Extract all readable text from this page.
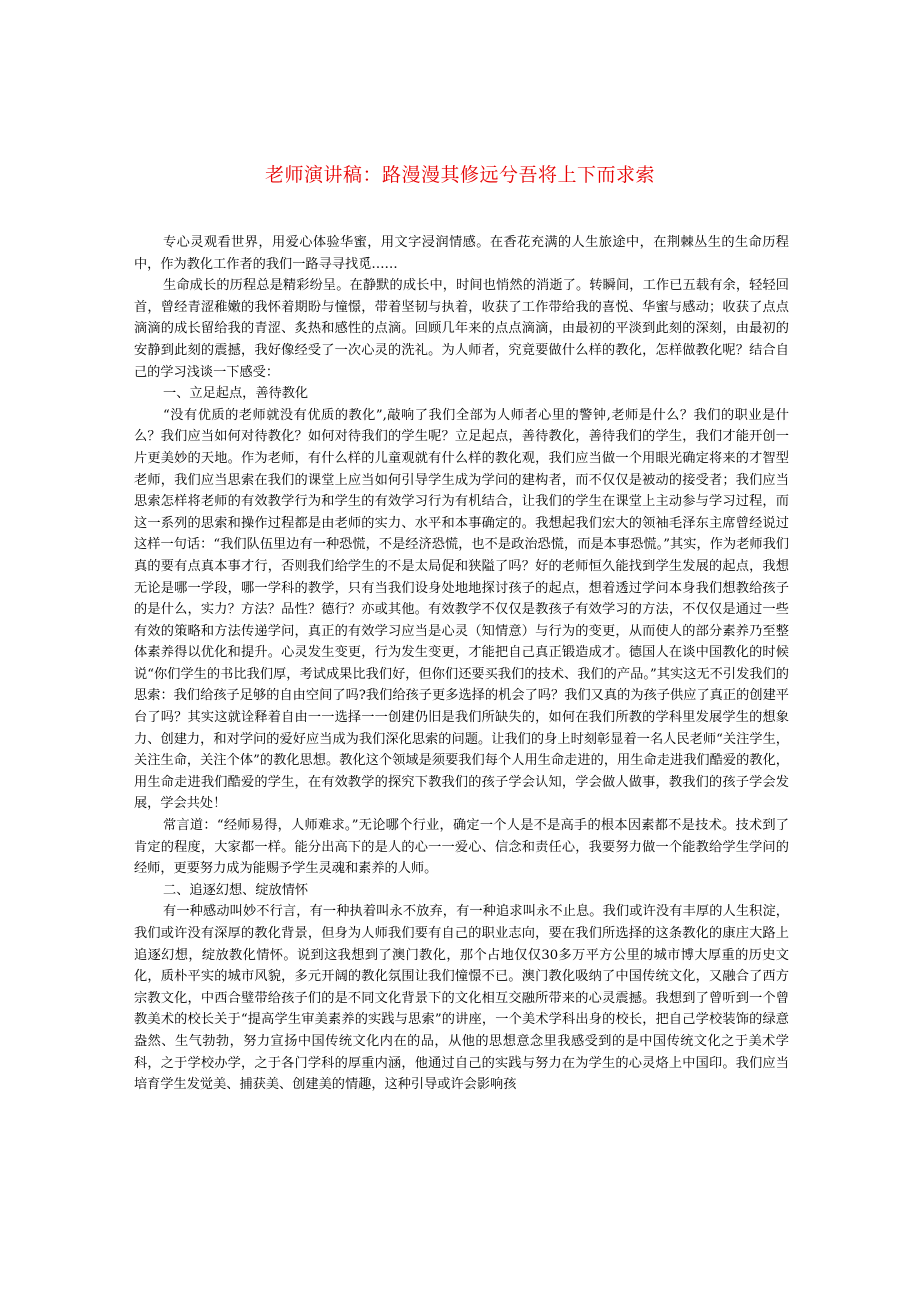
老师演讲稿：路漫漫其修远兮吾将上下而求索

专心灵观看世界，用爱心体验华蜜，用文字浸润情感。在香花充满的人生旅途中，在荆棘丛生的生命历程中，作为教化工作者的我们一路寻寻找觅……

生命成长的历程总是精彩纷呈。在静默的成长中，时间也悄然的消逝了。转瞬间，工作已五载有余，轻轻回首，曾经青涩稚嫩的我怀着期盼与憧憬，带着坚韧与执着，收获了工作带给我的喜悦、华蜜与感动；收获了点点滴滴的成长留给我的青涩、炙热和感性的点滴。回顾几年来的点点滴滴，由最初的平淡到此刻的深刻，由最初的安静到此刻的震撼，我好像经受了一次心灵的洗礼。为人师者，究竟要做什么样的教化，怎样做教化呢？结合自己的学习浅谈一下感受：

一、立足起点，善待教化

“没有优质的老师就没有优质的教化”,敲响了我们全部为人师者心里的警钟,老师是什么？我们的职业是什么？我们应当如何对待教化？如何对待我们的学生呢？立足起点，善待教化，善待我们的学生，我们才能开创一片更美妙的天地。作为老师，有什么样的儿童观就有什么样的教化观，我们应当做一个用眼光确定将来的才智型老师，我们应当思索在我们的课堂上应当如何引导学生成为学问的建构者，而不仅仅是被动的接受者；我们应当思索怎样将老师的有效教学行为和学生的有效学习行为有机结合，让我们的学生在课堂上主动参与学习过程，而这一系列的思索和操作过程都是由老师的实力、水平和本事确定的。我想起我们宏大的领袖毛泽东主席曾经说过这样一句话：“我们队伍里边有一种恐慌，不是经济恐慌，也不是政治恐慌，而是本事恐慌。”其实，作为老师我们真的要有点真本事才行，否则我们给学生的不是太局促和狭隘了吗？好的老师恒久能找到学生发展的起点，我想无论是哪一学段，哪一学科的教学，只有当我们设身处地地探讨孩子的起点，想着透过学问本身我们想教给孩子的是什么，实力？方法？品性？德行？亦或其他。有效教学不仅仅是教孩子有效学习的方法，不仅仅是通过一些有效的策略和方法传递学问，真正的有效学习应当是心灵（知情意）与行为的变更，从而使人的部分素养乃至整体素养得以优化和提升。心灵发生变更，行为发生变更，才能把自己真正锻造成才。德国人在谈中国教化的时候说“你们学生的书比我们厚，考试成果比我们好，但你们还要买我们的技术、我们的产品。”其实这无不引发我们的思索：我们给孩子足够的自由空间了吗?我们给孩子更多选择的机会了吗？我们又真的为孩子供应了真正的创建平台了吗？其实这就诠释着自由一一选择一一创建仍旧是我们所缺失的，如何在我们所教的学科里发展学生的想象力、创建力，和对学问的爱好应当成为我们深化思索的问题。让我们的身上时刻彰显着一名人民老师“关注学生，关注生命，关注个体”的教化思想。教化这个领域是须要我们每个人用生命走进的，用生命走进我们酷爱的教化，用生命走进我们酷爱的学生，在有效教学的探究下教我们的孩子学会认知，学会做人做事，教我们的孩子学会发展，学会共处！

常言道：“经师易得，人师难求。”无论哪个行业，确定一个人是不是高手的根本因素都不是技术。技术到了肯定的程度，大家都一样。能分出高下的是人的心一一爱心、信念和责任心，我要努力做一个能教给学生学问的经师，更要努力成为能赐予学生灵魂和素养的人师。

二、追逐幻想、绽放情怀

有一种感动叫妙不行言，有一种执着叫永不放弃，有一种追求叫永不止息。我们或许没有丰厚的人生积淀，我们或许没有深厚的教化背景，但身为人师我们要有自己的职业志向，要在我们所选择的这条教化的康庄大路上追逐幻想，绽放教化情怀。说到这我想到了澳门教化，那个占地仅仅30多万平方公里的城市博大厚重的历史文化，质朴平实的城市风貌，多元开阔的教化氛围让我们憧憬不已。澳门教化吸纳了中国传统文化，又融合了西方宗教文化，中西合璧带给孩子们的是不同文化背景下的文化相互交融所带来的心灵震撼。我想到了曾听到一个曾教美术的校长关于“提高学生审美素养的实践与思索”的讲座，一个美术学科出身的校长，把自己学校装饰的绿意盎然、生气勃勃，努力宣扬中国传统文化内在的品，从他的思想意念里我感受到的是中国传统文化之于美术学科，之于学校办学，之于各门学科的厚重内涵，他通过自己的实践与努力在为学生的心灵烙上中国印。我们应当培育学生发觉美、捕获美、创建美的情趣，这种引导或许会影响孩
